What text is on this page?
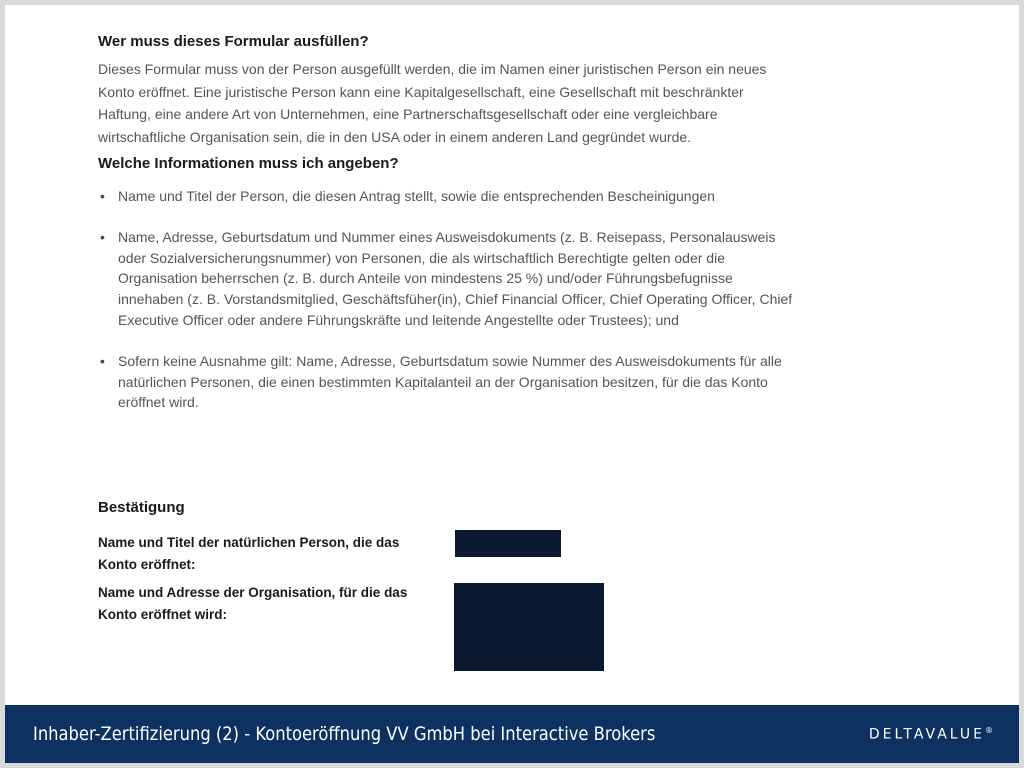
Wer muss dieses Formular ausfüllen?
Dieses Formular muss von der Person ausgefüllt werden, die im Namen einer juristischen Person ein neues Konto eröffnet. Eine juristische Person kann eine Kapitalgesellschaft, eine Gesellschaft mit beschränkter Haftung, eine andere Art von Unternehmen, eine Partnerschaftsgesellschaft oder eine vergleichbare wirtschaftliche Organisation sein, die in den USA oder in einem anderen Land gegründet wurde.
Welche Informationen muss ich angeben?
• Name und Titel der Person, die diesen Antrag stellt, sowie die entsprechenden Bescheinigungen
• Name, Adresse, Geburtsdatum und Nummer eines Ausweisdokuments (z. B. Reisepass, Personalausweis oder Sozialversicherungsnummer) von Personen, die als wirtschaftlich Berechtigte gelten oder die Organisation beherrschen (z. B. durch Anteile von mindestens 25 %) und/oder Führungsbefugnisse innehaben (z. B. Vorstandsmitglied, Geschäftsfüher(in), Chief Financial Officer, Chief Operating Officer, Chief Executive Officer oder andere Führungskräfte und leitende Angestellte oder Trustees); und
• Sofern keine Ausnahme gilt: Name, Adresse, Geburtsdatum sowie Nummer des Ausweisdokuments für alle natürlichen Personen, die einen bestimmten Kapitalanteil an der Organisation besitzen, für die das Konto eröffnet wird.
Bestätigung
Name und Titel der natürlichen Person, die das Konto eröffnet:
Name und Adresse der Organisation, für die das Konto eröffnet wird:
Inhaber-Zertifizierung (2) - Kontoeröffnung VV GmbH bei Interactive Brokers	DELTAVALUE®
